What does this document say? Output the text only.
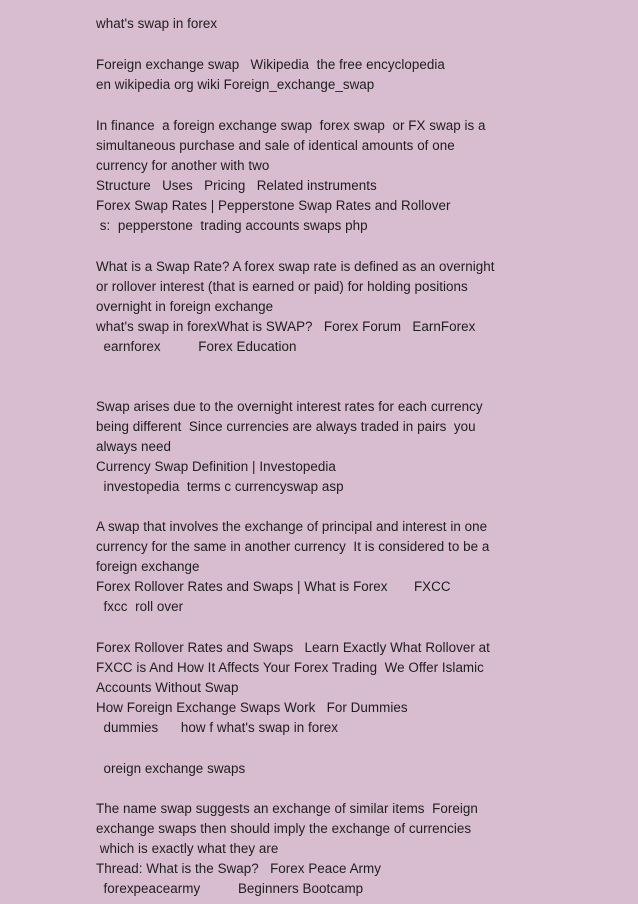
what's swap in forex
Foreign exchange swap   Wikipedia  the free encyclopedia
en wikipedia org wiki Foreign_exchange_swap
In finance  a foreign exchange swap  forex swap  or FX swap is a
simultaneous purchase and sale of identical amounts of one
currency for another with two
Structure   Uses   Pricing   Related instruments
Forex Swap Rates | Pepperstone Swap Rates and Rollover
s:  pepperstone  trading accounts swaps php
What is a Swap Rate? A forex swap rate is defined as an overnight
or rollover interest (that is earned or paid) for holding positions
overnight in foreign exchange
what's swap in forexWhat is SWAP?   Forex Forum   EarnForex
earnforex          Forex Education
Swap arises due to the overnight interest rates for each currency
being different  Since currencies are always traded in pairs  you
always need
Currency Swap Definition | Investopedia
investopedia  terms c currencyswap asp
A swap that involves the exchange of principal and interest in one
currency for the same in another currency  It is considered to be a
foreign exchange
Forex Rollover Rates and Swaps | What is Forex       FXCC
fxcc  roll over
Forex Rollover Rates and Swaps   Learn Exactly What Rollover at
FXCC is And How It Affects Your Forex Trading  We Offer Islamic
Accounts Without Swap
How Foreign Exchange Swaps Work   For Dummies
dummies      how f what's swap in forex
oreign exchange swaps
The name swap suggests an exchange of similar items  Foreign
exchange swaps then should imply the exchange of currencies
which is exactly what they are
Thread: What is the Swap?   Forex Peace Army
forexpeacearmy          Beginners Bootcamp
